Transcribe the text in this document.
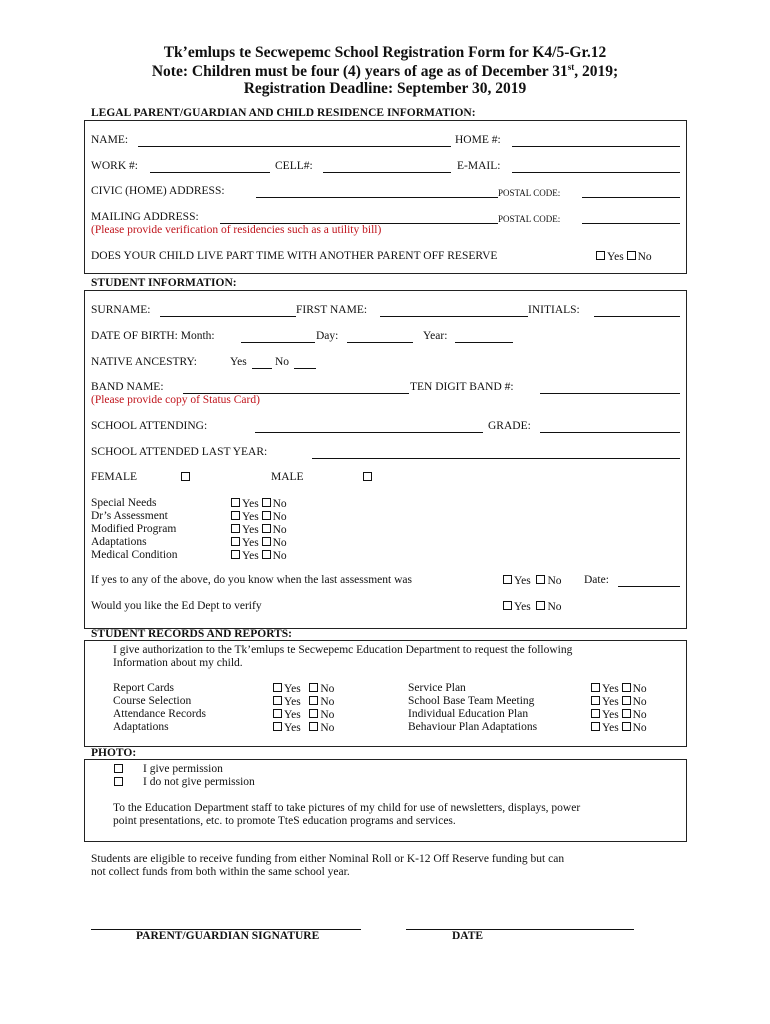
Tk’emlups te Secwepemc School Registration Form for K4/5-Gr.12
Note: Children must be four (4) years of age as of December 31st, 2019;
Registration Deadline: September 30, 2019
LEGAL PARENT/GUARDIAN AND CHILD RESIDENCE INFORMATION:
NAME:	HOME #:
WORK #:	CELL#:	E-MAIL:
CIVIC (HOME) ADDRESS:	POSTAL CODE:
MAILING ADDRESS:	POSTAL CODE:
(Please provide verification of residencies such as a utility bill)
DOES YOUR CHILD LIVE PART TIME WITH ANOTHER PARENT OFF RESERVE	Yes No
STUDENT INFORMATION:
SURNAME:	FIRST NAME:	INITIALS:
DATE OF BIRTH: Month:	Day:	Year:
NATIVE ANCESTRY:	Yes No
BAND NAME:	TEN DIGIT BAND #:
(Please provide copy of Status Card)
SCHOOL ATTENDING:	GRADE:
SCHOOL ATTENDED LAST YEAR:
FEMALE	MALE
Special Needs	Yes No
Dr’s Assessment	Yes No
Modified Program	Yes No
Adaptations	Yes No
Medical Condition	Yes No
If yes to any of the above, do you know when the last assessment was	Yes No Date:
Would you like the Ed Dept to verify	Yes No
STUDENT RECORDS AND REPORTS:
I give authorization to the Tk’emlups te Secwepemc Education Department to request the following
Information about my child.
Report Cards	Yes No
Course Selection	Yes No
Attendance Records	Yes No
Adaptations	Yes No
Service Plan	Yes No
School Base Team Meeting	Yes No
Individual Education Plan	Yes No
Behaviour Plan Adaptations	Yes No
PHOTO:
I give permission
I do not give permission
To the Education Department staff to take pictures of my child for use of newsletters, displays, power
point presentations, etc. to promote TteS education programs and services.
Students are eligible to receive funding from either Nominal Roll or K-12 Off Reserve funding but can
not collect funds from both within the same school year.
PARENT/GUARDIAN SIGNATURE	DATE
